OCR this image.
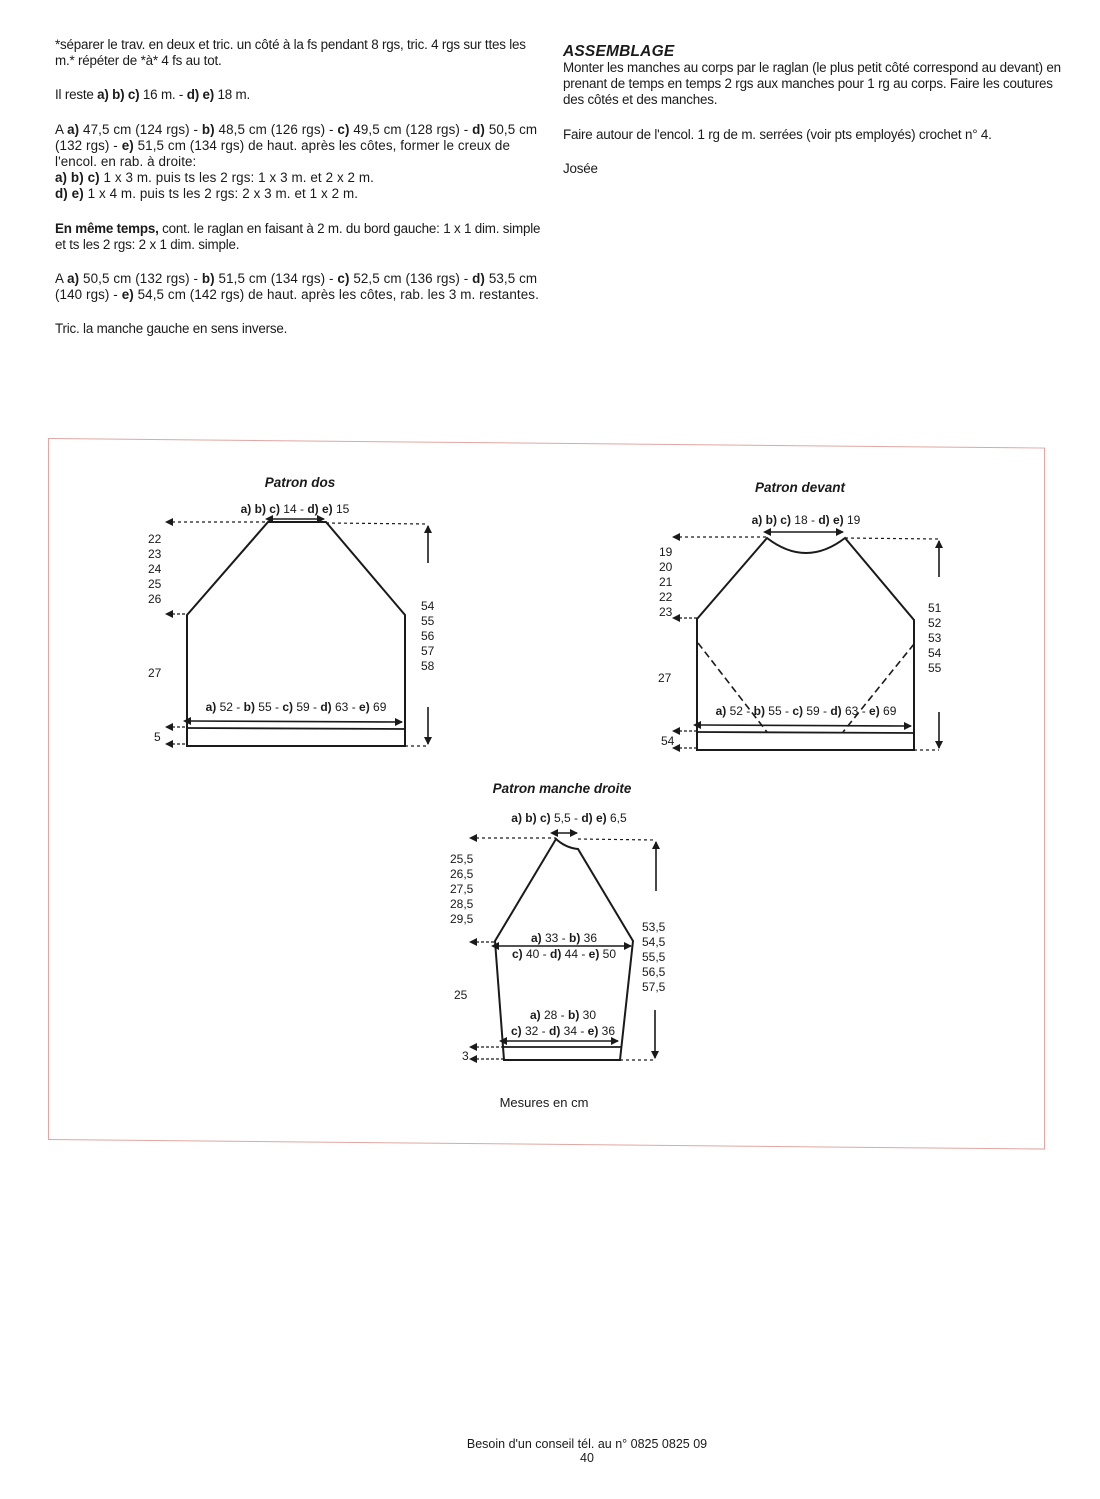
*séparer le trav. en deux et tric. un côté à la fs pendant 8 rgs, tric. 4 rgs sur ttes les m.* répéter de *à* 4 fs au tot.

Il reste a) b) c) 16 m. - d) e) 18 m.

A a) 47,5 cm (124 rgs) - b) 48,5 cm (126 rgs) - c) 49,5 cm (128 rgs) - d) 50,5 cm (132 rgs) - e) 51,5 cm (134 rgs) de haut. après les côtes, former le creux de l'encol. en rab. à droite:
a) b) c) 1 x 3 m. puis ts les 2 rgs: 1 x 3 m. et 2 x 2 m.
d) e) 1 x 4 m. puis ts les 2 rgs: 2 x 3 m. et 1 x 2 m.

En même temps, cont. le raglan en faisant à 2 m. du bord gauche: 1 x 1 dim. simple et ts les 2 rgs: 2 x 1 dim. simple.

A a) 50,5 cm (132 rgs) - b) 51,5 cm (134 rgs) - c) 52,5 cm (136 rgs) - d) 53,5 cm (140 rgs) - e) 54,5 cm (142 rgs) de haut. après les côtes, rab. les 3 m. restantes.

Tric. la manche gauche en sens inverse.

ASSEMBLAGE

Monter les manches au corps par le raglan (le plus petit côté correspond au devant) en prenant de temps en temps 2 rgs aux manches pour 1 rg au corps. Faire les coutures des côtés et des manches.

Faire autour de l'encol. 1 rg de m. serrées (voir pts employés) crochet n° 4.

Josée

Patron dos
a) b) c) 14 - d) e) 15
a) 52 - b) 55 - c) 59 - d) 63 - e) 69
22
23
24
25
26
27
5
54
55
56
57
58
Patron devant
a) b) c) 18 - d) e) 19
a) 52 - b) 55 - c) 59 - d) 63 - e) 69
19
20
21
22
23
27
54
51
52
53
54
55
Patron manche droite
a) b) c) 5,5 - d) e) 6,5
a) 33 - b) 36
c) 40 - d) 44 - e) 50
a) 28 - b) 30
c) 32 - d) 34 - e) 36
25,5
26,5
27,5
28,5
29,5
25
3
53,5
54,5
55,5
56,5
57,5
Mesures en cm
Besoin d'un conseil tél. au n° 0825 0825 09
40
